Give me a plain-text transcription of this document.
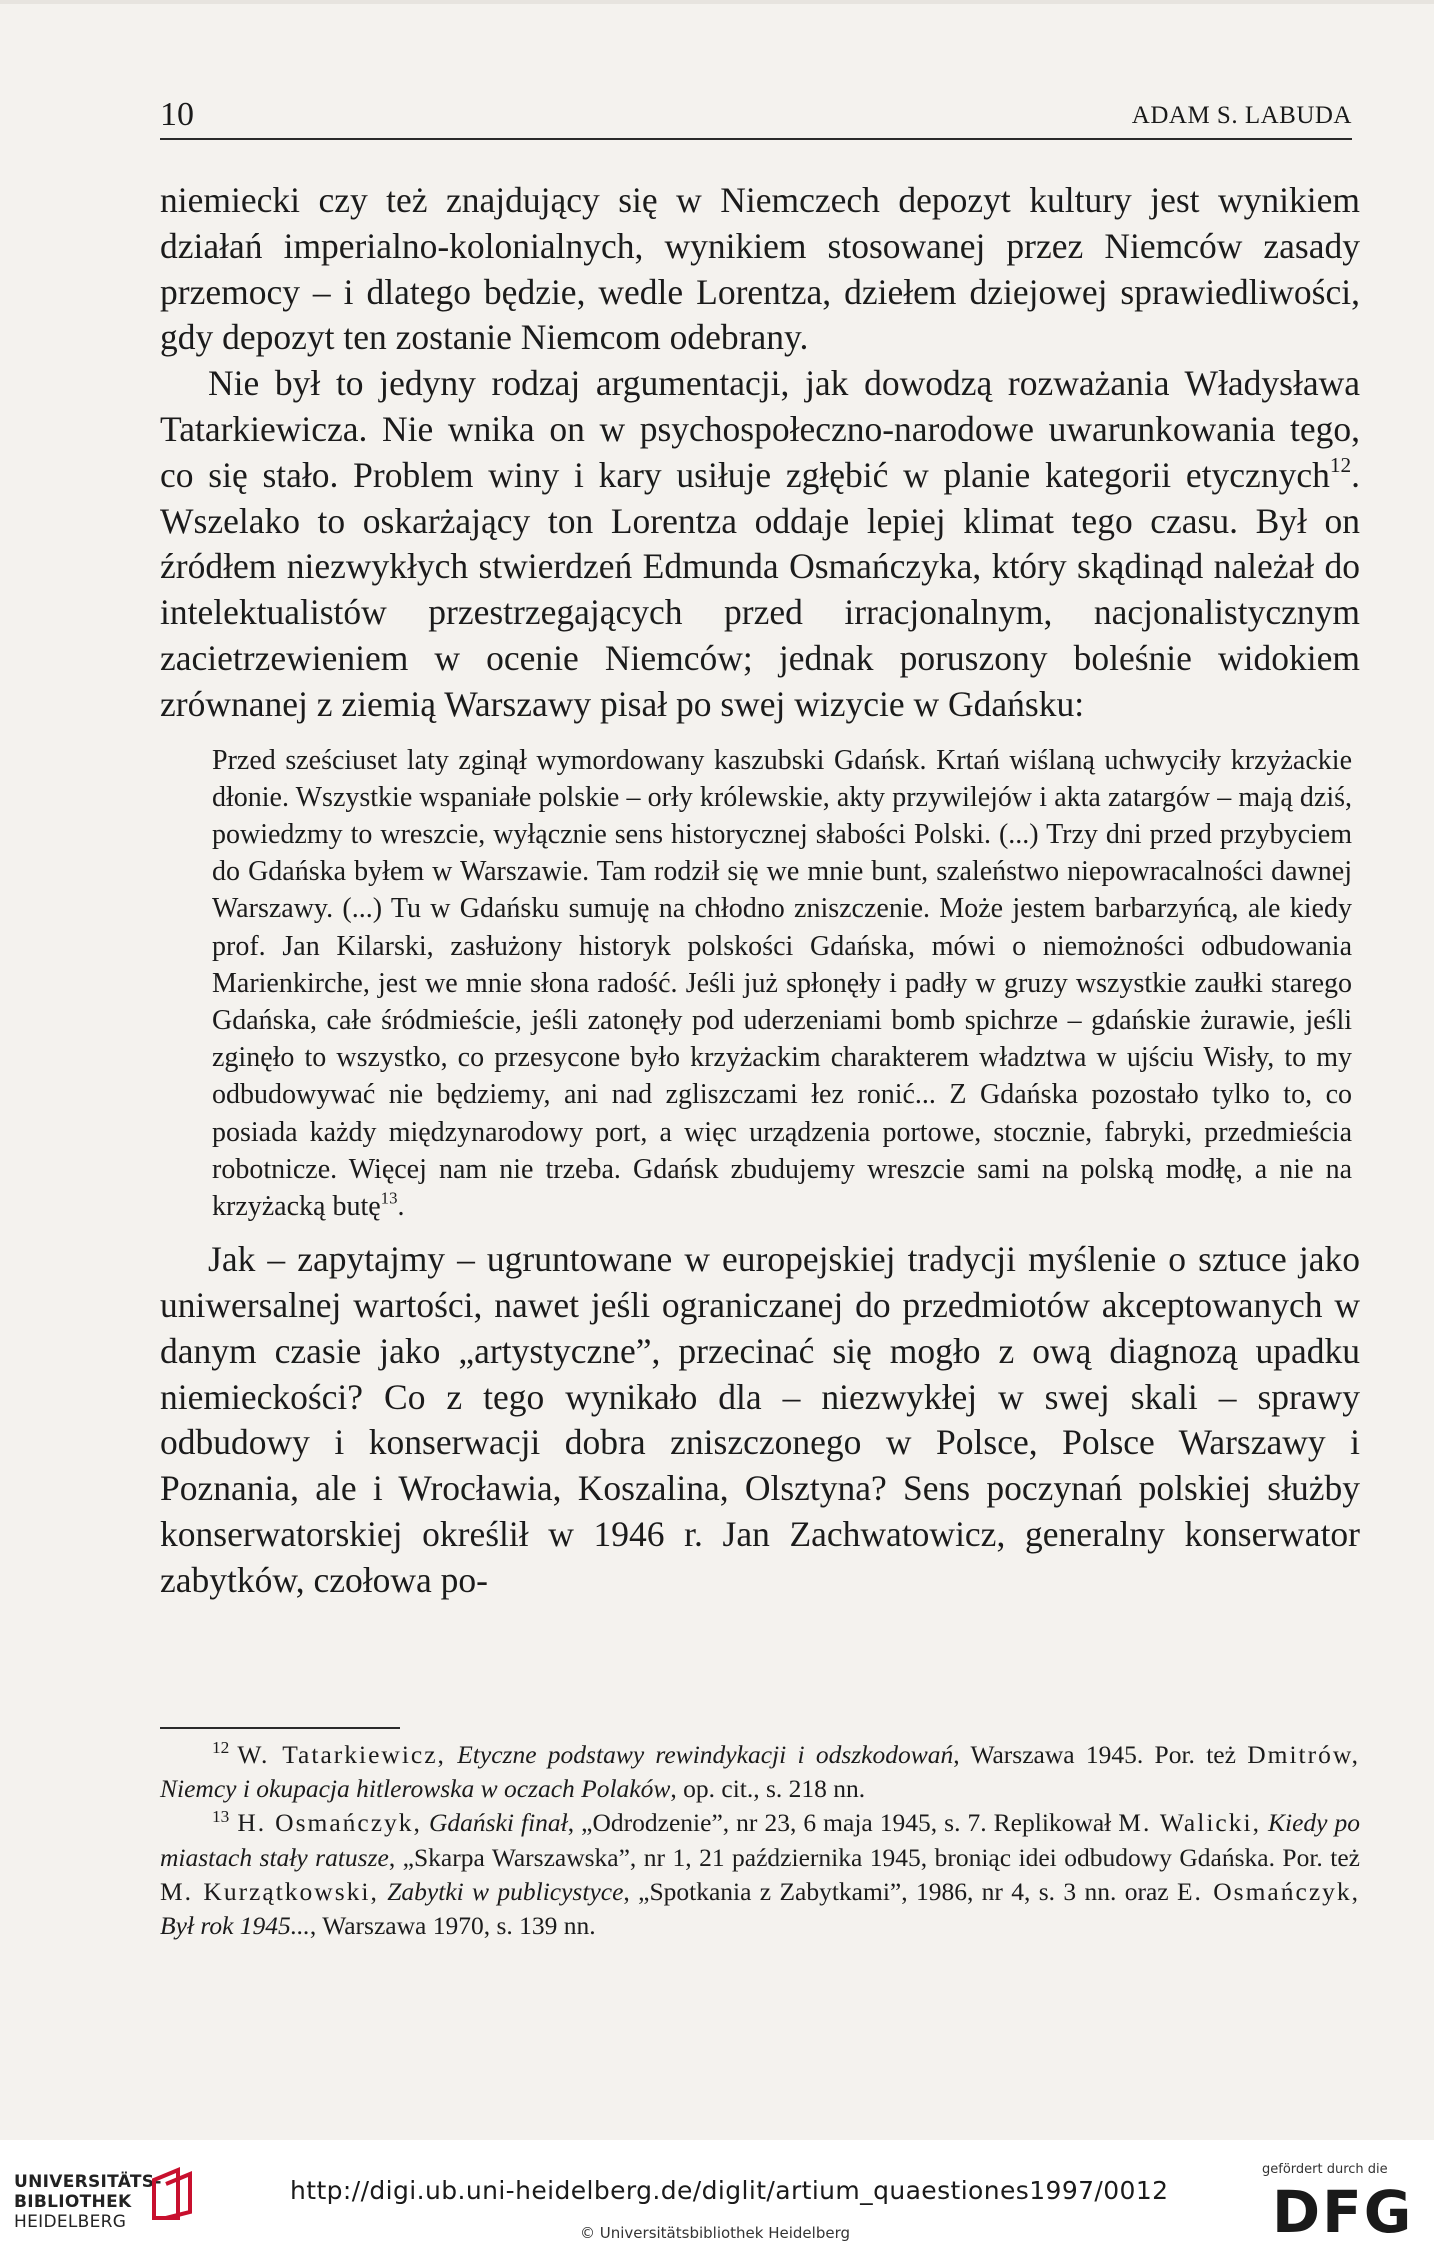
10	ADAM S. LABUDA

niemiecki czy też znajdujący się w Niemczech depozyt kultury jest wynikiem działań imperialno-kolonialnych, wynikiem stosowanej przez Niemców zasady przemocy – i dlatego będzie, wedle Lorentza, dziełem dziejowej sprawiedliwości, gdy depozyt ten zostanie Niemcom odebrany.

Nie był to jedyny rodzaj argumentacji, jak dowodzą rozważania Władysława Tatarkiewicza. Nie wnika on w psychospołeczno-narodowe uwarunkowania tego, co się stało. Problem winy i kary usiłuje zgłębić w planie kategorii etycznych$^{12}$. Wszelako to oskarżający ton Lorentza oddaje lepiej klimat tego czasu. Był on źródłem niezwykłych stwierdzeń Edmunda Osmańczyka, który skądinąd należał do intelektualistów przestrzegających przed irracjonalnym, nacjonalistycznym zacietrzewieniem w ocenie Niemców; jednak poruszony boleśnie widokiem zrównanej z ziemią Warszawy pisał po swej wizycie w Gdańsku:

Przed sześciuset laty zginął wymordowany kaszubski Gdańsk. Krtań wiślaną uchwyciły krzyżackie dłonie. Wszystkie wspaniałe polskie – orły królewskie, akty przywilejów i akta zatargów – mają dziś, powiedzmy to wreszcie, wyłącznie sens historycznej słabości Polski. (...) Trzy dni przed przybyciem do Gdańska byłem w Warszawie. Tam rodził się we mnie bunt, szaleństwo niepowracalności dawnej Warszawy. (...) Tu w Gdańsku sumuję na chłodno zniszczenie. Może jestem barbarzyńcą, ale kiedy prof. Jan Kilarski, zasłużony historyk polskości Gdańska, mówi o niemożności odbudowania Marienkirche, jest we mnie słona radość. Jeśli już spłonęły i padły w gruzy wszystkie zaułki starego Gdańska, całe śródmieście, jeśli zatonęły pod uderzeniami bomb spichrze – gdańskie żurawie, jeśli zginęło to wszystko, co przesycone było krzyżackim charakterem władztwa w ujściu Wisły, to my odbudowywać nie będziemy, ani nad zgliszczami łez ronić... Z Gdańska pozostało tylko to, co posiada każdy międzynarodowy port, a więc urządzenia portowe, stocznie, fabryki, przedmieścia robotnicze. Więcej nam nie trzeba. Gdańsk zbudujemy wreszcie sami na polską modłę, a nie na krzyżacką butę$^{13}$.

Jak – zapytajmy – ugruntowane w europejskiej tradycji myślenie o sztuce jako uniwersalnej wartości, nawet jeśli ograniczanej do przedmiotów akceptowanych w danym czasie jako „artystyczne”, przecinać się mogło z ową diagnozą upadku niemieckości? Co z tego wynikało dla – niezwykłej w swej skali – sprawy odbudowy i konserwacji dobra zniszczonego w Polsce, Polsce Warszawy i Poznania, ale i Wrocławia, Koszalina, Olsztyna? Sens poczynań polskiej służby konserwatorskiej określił w 1946 r. Jan Zachwatowicz, generalny konserwator zabytków, czołowa po-

$^{12}$ W. Tatarkiewicz, Etyczne podstawy rewindykacji i odszkodowań, Warszawa 1945. Por. też Dmitrów, Niemcy i okupacja hitlerowska w oczach Polaków, op. cit., s. 218 nn.

$^{13}$ H. Osmańczyk, Gdański finał, „Odrodzenie”, nr 23, 6 maja 1945, s. 7. Replikował M. Walicki, Kiedy po miastach stały ratusze, „Skarpa Warszawska”, nr 1, 21 października 1945, broniąc idei odbudowy Gdańska. Por. też M. Kurzątkowski, Zabytki w publicystyce, „Spotkania z Zabytkami”, 1986, nr 4, s. 3 nn. oraz E. Osmańczyk, Był rok 1945..., Warszawa 1970, s. 139 nn.

UNIVERSITÄTS-
BIBLIOTHEK
HEIDELBERG
http://digi.ub.uni-heidelberg.de/diglit/artium_quaestiones1997/0012
© Universitätsbibliothek Heidelberg
gefördert durch die
DFG
